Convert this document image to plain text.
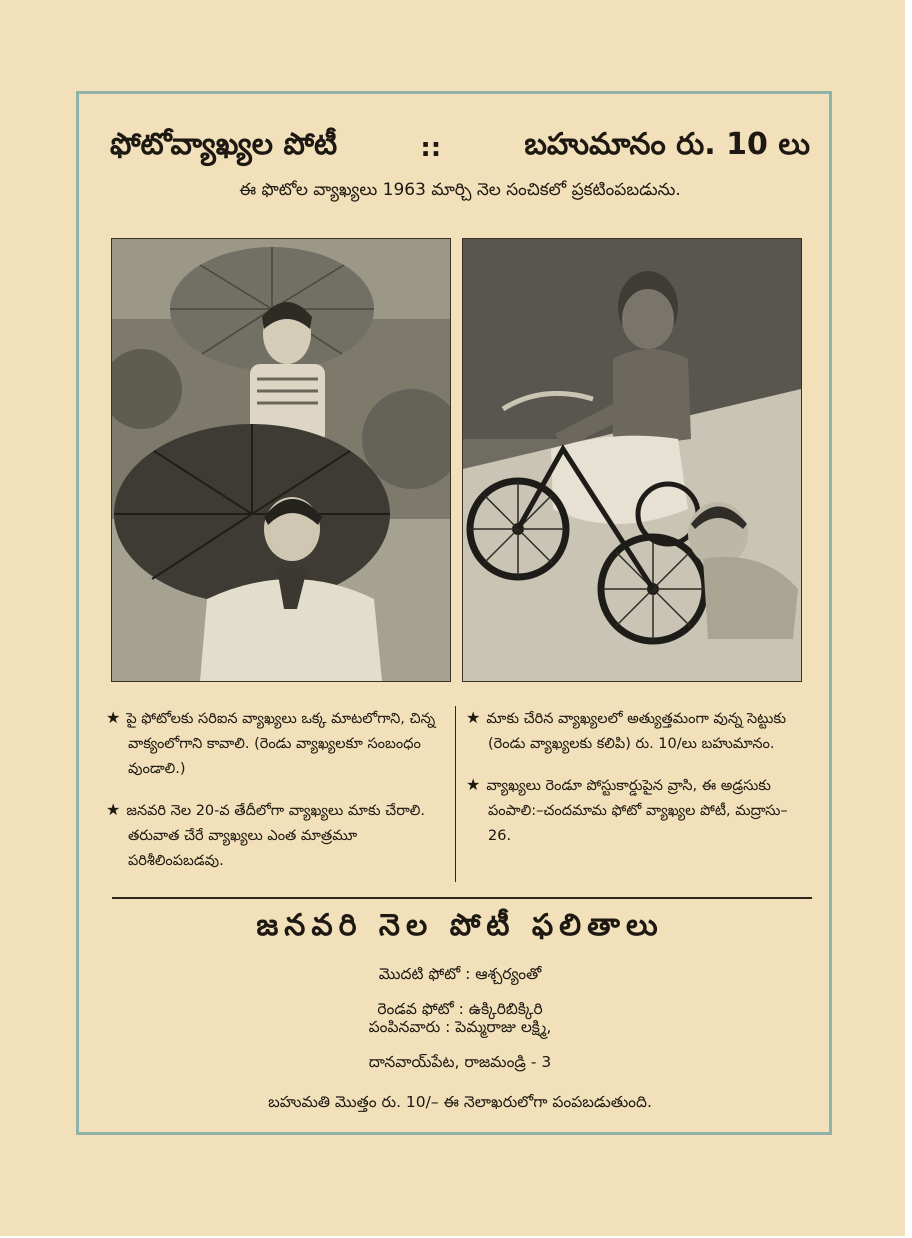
ఫోటోవ్యాఖ్యల పోటీ	::	బహుమానం రు. 10 లు
ఈ ఫొటోల వ్యాఖ్యలు 1963 మార్చి నెల సంచికలో ప్రకటింపబడును.

★ పై ఫోటోలకు సరిఐన వ్యాఖ్యలు ఒక్క మాటలోగాని, చిన్న వాక్యంలోగాని కావాలి. (రెండు వ్యాఖ్యలకూ సంబంధం వుండాలి.)

★ జనవరి నెల 20-వ తేదీలోగా వ్యాఖ్యలు మాకు చేరాలి. తరువాత చేరే వ్యాఖ్యలు ఎంత మాత్రమూ పరిశీలింపబడవు.

★ మాకు చేరిన వ్యాఖ్యలలో అత్యుత్తమంగా వున్న సెట్టుకు (రెండు వ్యాఖ్యలకు కలిపి) రు. 10/లు బహుమానం.

★ వ్యాఖ్యలు రెండూ పోస్టుకార్డుపైన వ్రాసి, ఈ అడ్రసుకు పంపాలి:–చందమామ ఫోటో వ్యాఖ్యల పోటీ, మద్రాసు–26.

జనవరి నెల పోటీ ఫలితాలు
మొదటి ఫోటో : ఆశ్చర్యంతో
రెండవ ఫోటో : ఉక్కిరిబిక్కిరి
పంపినవారు : పెమ్మరాజు లక్ష్మి,
దానవాయ్‌పేట, రాజమండ్రి - 3
బహుమతి మొత్తం రు. 10/– ఈ నెలాఖరులోగా పంపబడుతుంది.
